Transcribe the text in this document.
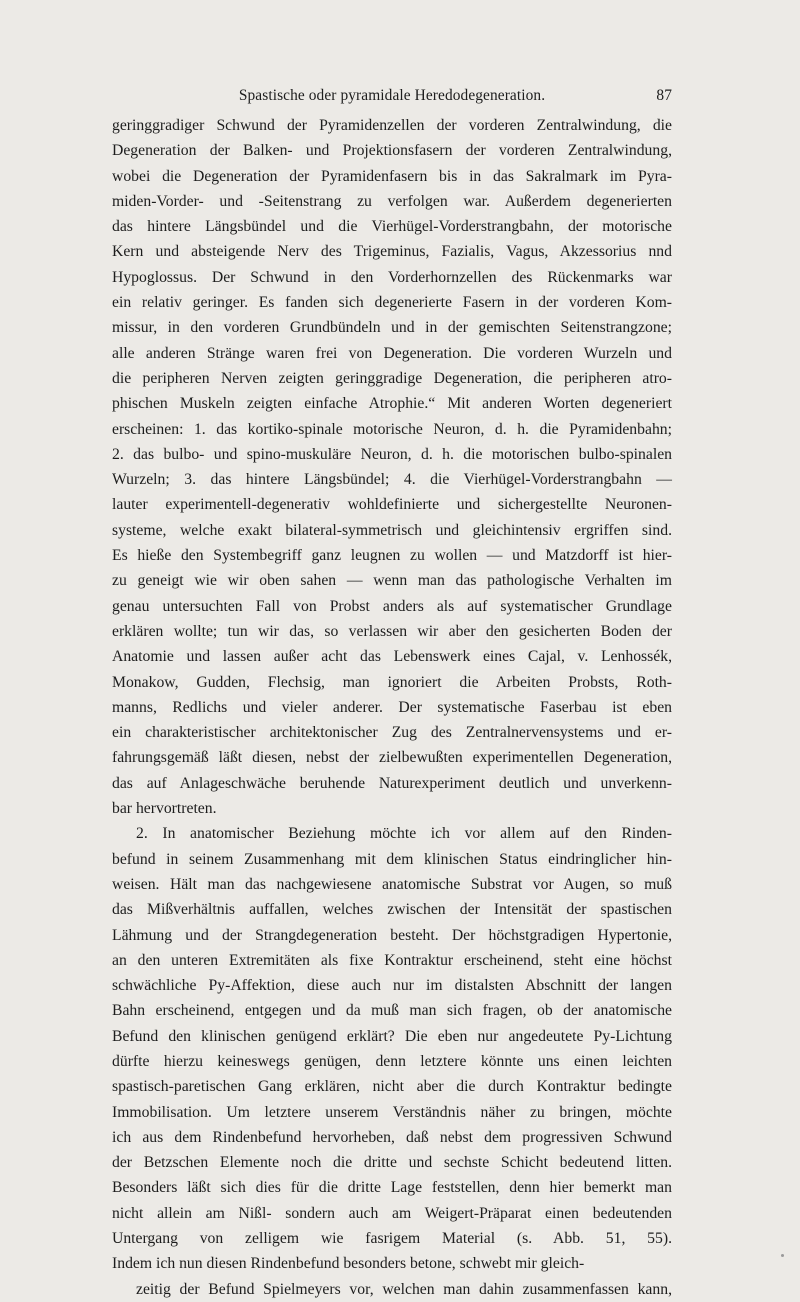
Spastische oder pyramidale Heredodegeneration.	87
geringgradiger Schwund der Pyramidenzellen der vorderen Zentralwindung, die
Degeneration der Balken- und Projektionsfasern der vorderen Zentralwindung,
wobei die Degeneration der Pyramidenfasern bis in das Sakralmark im Pyra-
miden-Vorder- und -Seitenstrang zu verfolgen war. Außerdem degenerierten
das hintere Längsbündel und die Vierhügel-Vorderstrangbahn, der motorische
Kern und absteigende Nerv des Trigeminus, Fazialis, Vagus, Akzessorius nnd
Hypoglossus. Der Schwund in den Vorderhornzellen des Rückenmarks war
ein relativ geringer. Es fanden sich degenerierte Fasern in der vorderen Kom-
missur, in den vorderen Grundbündeln und in der gemischten Seitenstrangzone;
alle anderen Stränge waren frei von Degeneration. Die vorderen Wurzeln und
die peripheren Nerven zeigten geringgradige Degeneration, die peripheren atro-
phischen Muskeln zeigten einfache Atrophie.“ Mit anderen Worten degeneriert
erscheinen: 1. das kortiko-spinale motorische Neuron, d. h. die Pyramidenbahn;
2. das bulbo- und spino-muskuläre Neuron, d. h. die motorischen bulbo-spinalen
Wurzeln; 3. das hintere Längsbündel; 4. die Vierhügel-Vorderstrangbahn —
lauter experimentell-degenerativ wohldefinierte und sichergestellte Neuronen-
systeme, welche exakt bilateral-symmetrisch und gleichintensiv ergriffen sind.
Es hieße den Systembegriff ganz leugnen zu wollen — und Matzdorff ist hier-
zu geneigt wie wir oben sahen — wenn man das pathologische Verhalten im
genau untersuchten Fall von Probst anders als auf systematischer Grundlage
erklären wollte; tun wir das, so verlassen wir aber den gesicherten Boden der
Anatomie und lassen außer acht das Lebenswerk eines Cajal, v. Lenhossék,
Monakow, Gudden, Flechsig, man ignoriert die Arbeiten Probsts, Roth-
manns, Redlichs und vieler anderer. Der systematische Faserbau ist eben
ein charakteristischer architektonischer Zug des Zentralnervensystems und er-
fahrungsgemäß läßt diesen, nebst der zielbewußten experimentellen Degeneration,
das auf Anlageschwäche beruhende Naturexperiment deutlich und unverkenn-
bar hervortreten.
2. In anatomischer Beziehung möchte ich vor allem auf den Rinden-
befund in seinem Zusammenhang mit dem klinischen Status eindringlicher hin-
weisen. Hält man das nachgewiesene anatomische Substrat vor Augen, so muß
das Mißverhältnis auffallen, welches zwischen der Intensität der spastischen
Lähmung und der Strangdegeneration besteht. Der höchstgradigen Hypertonie,
an den unteren Extremitäten als fixe Kontraktur erscheinend, steht eine höchst
schwächliche Py-Affektion, diese auch nur im distalsten Abschnitt der langen
Bahn erscheinend, entgegen und da muß man sich fragen, ob der anatomische
Befund den klinischen genügend erklärt? Die eben nur angedeutete Py-Lichtung
dürfte hierzu keineswegs genügen, denn letztere könnte uns einen leichten
spastisch-paretischen Gang erklären, nicht aber die durch Kontraktur bedingte
Immobilisation. Um letztere unserem Verständnis näher zu bringen, möchte
ich aus dem Rindenbefund hervorheben, daß nebst dem progressiven Schwund
der Betzschen Elemente noch die dritte und sechste Schicht bedeutend litten.
Besonders läßt sich dies für die dritte Lage feststellen, denn hier bemerkt man
nicht allein am Nißl- sondern auch am Weigert-Präparat einen bedeutenden
Untergang von zelligem wie fasrigem Material (s. Abb. 51, 55).
Indem ich nun diesen Rindenbefund besonders betone, schwebt mir gleich-
zeitig der Befund Spielmeyers vor, welchen man dahin zusammenfassen kann,
